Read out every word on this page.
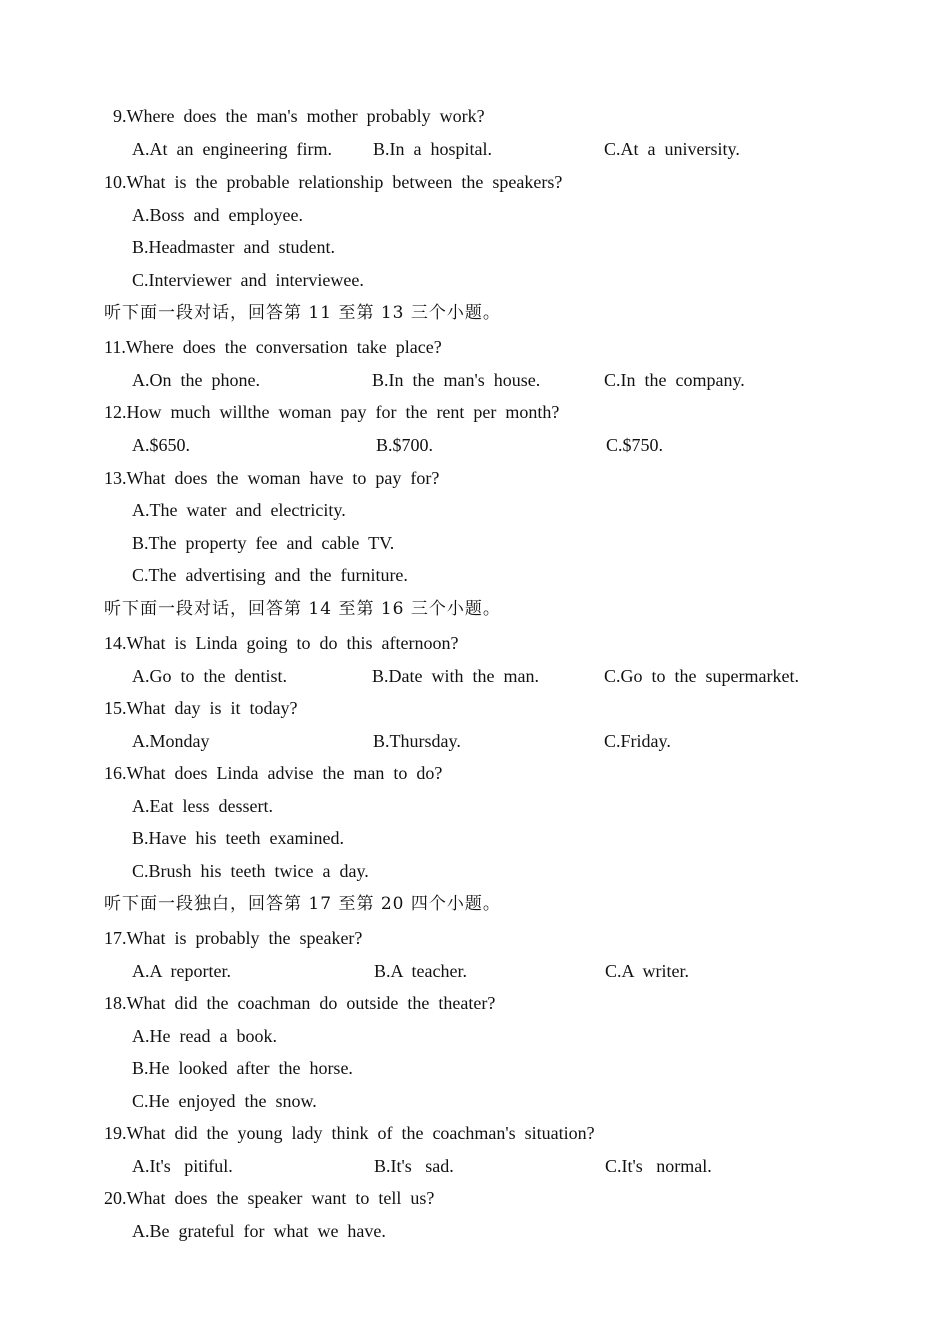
9.Where  does  the  man's  mother  probably  work?
A.At  an  engineering  firm. B.In  a  hospital.	C.At  a  university.
10.What  is  the  probable  relationship  between  the  speakers?
A.Boss  and  employee.
B.Headmaster  and  student.
C.Interviewer  and  interviewee.
听下面一段对话，回答第 11 至第 13 三个小题。
11.Where  does  the  conversation  take  place?
A.On  the  phone.	B.In  the  man's  house.	C.In  the  company.
12.How  much  willthe  woman  pay  for  the  rent  per  month?
A.$650.	B.$700.	C.$750.
13.What  does  the  woman  have  to  pay  for?
A.The  water  and  electricity.
B.The  property  fee  and  cable  TV.
C.The  advertising  and  the  furniture.
听下面一段对话，回答第 14 至第 16 三个小题。
14.What  is  Linda  going  to  do  this  afternoon?
A.Go  to  the  dentist.	B.Date  with  the  man.	C.Go  to  the  supermarket.
15.What  day  is  it  today?
A.Monday	B.Thursday.	C.Friday.
16.What  does  Linda  advise  the  man  to  do?
A.Eat  less  dessert.
B.Have  his  teeth  examined.
C.Brush  his  teeth  twice  a  day.
听下面一段独白，回答第 17 至第 20 四个小题。
17.What  is  probably  the  speaker?
A.A  reporter.	B.A  teacher.	C.A  writer.
18.What  did  the  coachman  do  outside  the  theater?
A.He  read  a  book.
B.He  looked  after  the  horse.
C.He  enjoyed  the  snow.
19.What  did  the  young  lady  think  of  the  coachman's  situation?
A.It's   pitiful.	B.It's   sad.	C.It's   normal.
20.What  does  the  speaker  want  to  tell  us?
A.Be  grateful  for  what  we  have.
